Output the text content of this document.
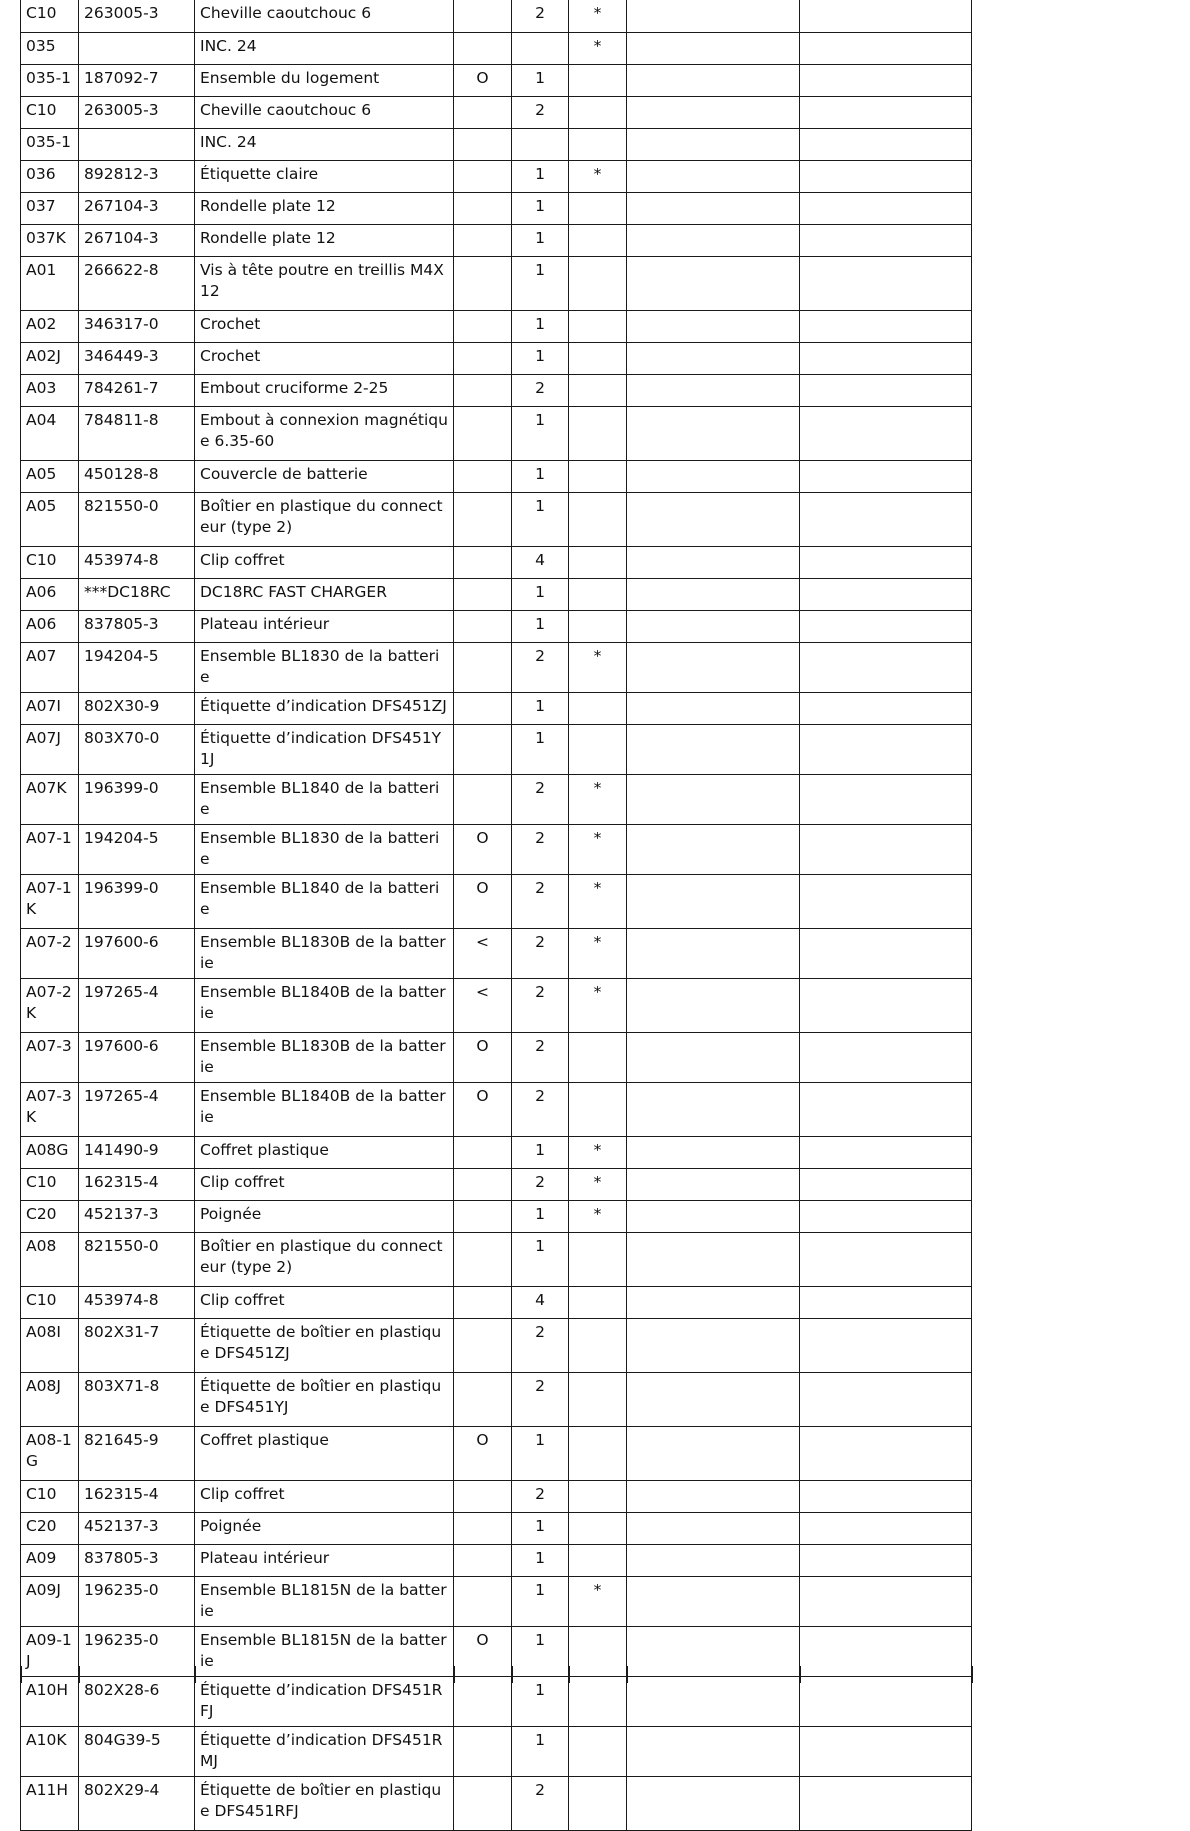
C10	263005-3	Cheville caoutchouc 6		2	*		
035		INC. 24			*		
035-1	187092-7	Ensemble du logement	O	1			
C10	263005-3	Cheville caoutchouc 6		2			
035-1		INC. 24					
036	892812-3	Étiquette claire		1	*		
037	267104-3	Rondelle plate 12		1			
037K	267104-3	Rondelle plate 12		1			
A01	266622-8	Vis à tête poutre en treillis M4X12		1			
A02	346317-0	Crochet		1			
A02J	346449-3	Crochet		1			
A03	784261-7	Embout cruciforme 2-25		2			
A04	784811-8	Embout à connexion magnétique 6.35-60		1			
A05	450128-8	Couvercle de batterie		1			
A05	821550-0	Boîtier en plastique du connecteur (type 2)		1			
C10	453974-8	Clip coffret		4			
A06	***DC18RC	DC18RC FAST CHARGER		1			
A06	837805-3	Plateau intérieur		1			
A07	194204-5	Ensemble BL1830 de la batterie		2	*		
A07I	802X30-9	Étiquette d’indication DFS451ZJ		1			
A07J	803X70-0	Étiquette d’indication DFS451Y1J		1			
A07K	196399-0	Ensemble BL1840 de la batterie		2	*		
A07-1	194204-5	Ensemble BL1830 de la batterie	O	2	*		
A07-1K	196399-0	Ensemble BL1840 de la batterie	O	2	*		
A07-2	197600-6	Ensemble BL1830B de la batterie	<	2	*		
A07-2K	197265-4	Ensemble BL1840B de la batterie	<	2	*		
A07-3	197600-6	Ensemble BL1830B de la batterie	O	2			
A07-3K	197265-4	Ensemble BL1840B de la batterie	O	2			
A08G	141490-9	Coffret plastique		1	*		
C10	162315-4	Clip coffret		2	*		
C20	452137-3	Poignée		1	*		
A08	821550-0	Boîtier en plastique du connecteur (type 2)		1			
C10	453974-8	Clip coffret		4			
A08I	802X31-7	Étiquette de boîtier en plastique DFS451ZJ		2			
A08J	803X71-8	Étiquette de boîtier en plastique DFS451YJ		2			
A08-1G	821645-9	Coffret plastique	O	1			
C10	162315-4	Clip coffret		2			
C20	452137-3	Poignée		1			
A09	837805-3	Plateau intérieur		1			
A09J	196235-0	Ensemble BL1815N de la batterie		1	*		
A09-1J	196235-0	Ensemble BL1815N de la batterie	O	1			
A10H	802X28-6	Étiquette d’indication DFS451RFJ		1			
A10K	804G39-5	Étiquette d’indication DFS451RMJ		1			
A11H	802X29-4	Étiquette de boîtier en plastique DFS451RFJ		2			
